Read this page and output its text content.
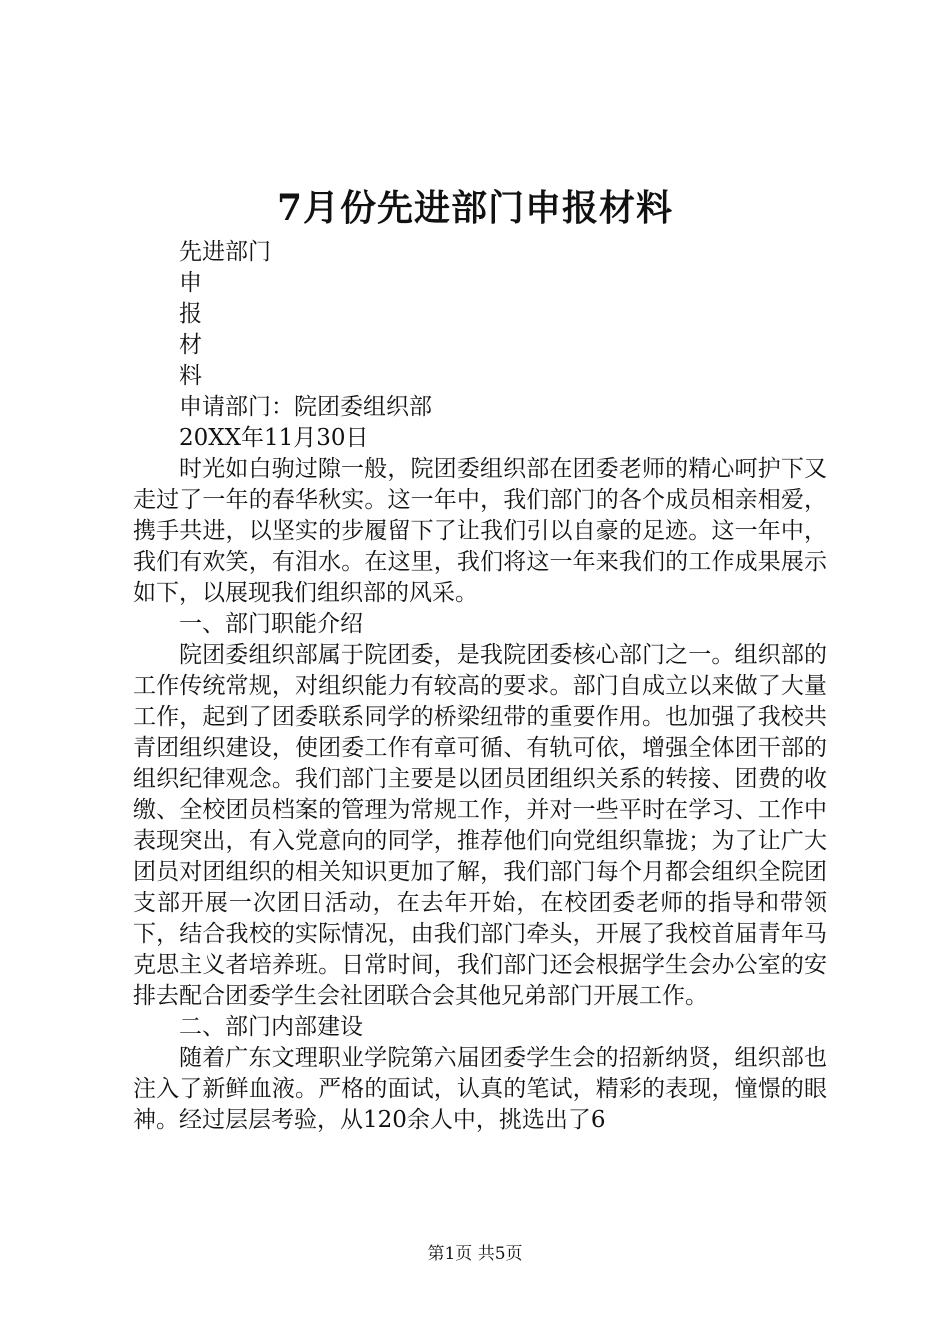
7月份先进部门申报材料
先进部门
申
报
材
料
申请部门：院团委组织部
20XX年11月30日
时光如白驹过隙一般，院团委组织部在团委老师的精心呵护下又走过了一年的春华秋实。这一年中，我们部门的各个成员相亲相爱，携手共进，以坚实的步履留下了让我们引以自豪的足迹。这一年中，我们有欢笑，有泪水。在这里，我们将这一年来我们的工作成果展示如下，以展现我们组织部的风采。
一、部门职能介绍
院团委组织部属于院团委，是我院团委核心部门之一。组织部的工作传统常规，对组织能力有较高的要求。部门自成立以来做了大量工作，起到了团委联系同学的桥梁纽带的重要作用。也加强了我校共青团组织建设，使团委工作有章可循、有轨可依，增强全体团干部的组织纪律观念。我们部门主要是以团员团组织关系的转接、团费的收缴、全校团员档案的管理为常规工作，并对一些平时在学习、工作中表现突出，有入党意向的同学，推荐他们向党组织靠拢；为了让广大团员对团组织的相关知识更加了解，我们部门每个月都会组织全院团支部开展一次团日活动，在去年开始，在校团委老师的指导和带领下，结合我校的实际情况，由我们部门牵头，开展了我校首届青年马克思主义者培养班。日常时间，我们部门还会根据学生会办公室的安排去配合团委学生会社团联合会其他兄弟部门开展工作。
二、部门内部建设
随着广东文理职业学院第六届团委学生会的招新纳贤，组织部也注入了新鲜血液。严格的面试，认真的笔试，精彩的表现，憧憬的眼神。经过层层考验，从120余人中，挑选出了6
第1页 共5页
